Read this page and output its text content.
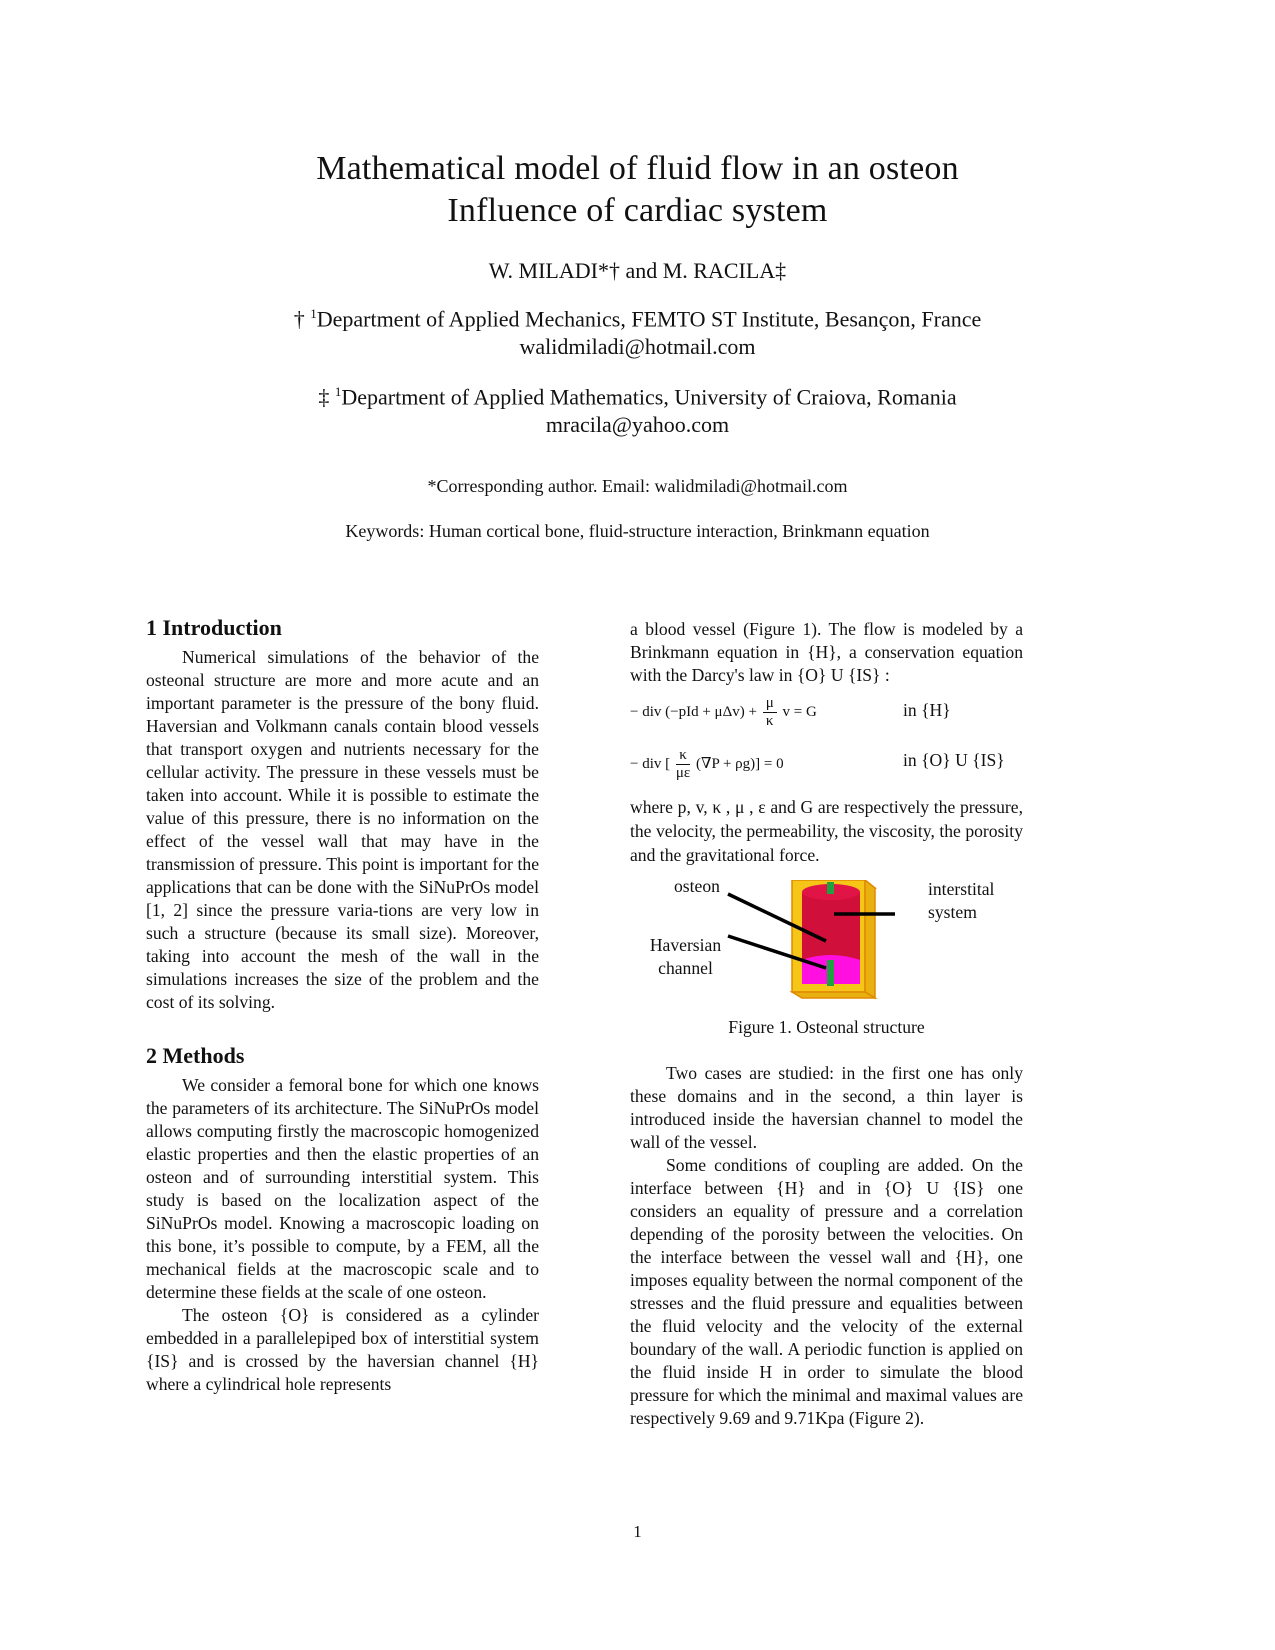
Mathematical model of fluid flow in an osteon
Influence of cardiac system
W. MILADI*† and M. RACILA‡
† $^1$Department of Applied Mechanics, FEMTO ST Institute, Besançon, France
walidmiladi@hotmail.com
‡ $^1$Department of Applied Mathematics, University of Craiova, Romania
mracila@yahoo.com
*Corresponding author. Email: walidmiladi@hotmail.com
Keywords: Human cortical bone, fluid-structure interaction, Brinkmann equation
1 Introduction

Numerical simulations of the behavior of the osteonal structure are more and more acute and an important parameter is the pressure of the bony fluid. Haversian and Volkmann canals contain blood vessels that transport oxygen and nutrients necessary for the cellular activity. The pressure in these vessels must be taken into account. While it is possible to estimate the value of this pressure, there is no information on the effect of the vessel wall that may have in the transmission of pressure. This point is important for the applications that can be done with the SiNuPrOs model [1, 2] since the pressure varia-tions are very low in such a structure (because its small size). Moreover, taking into account the mesh of the wall in the simulations increases the size of the problem and the cost of its solving.

2 Methods

We consider a femoral bone for which one knows the parameters of its architecture. The SiNuPrOs model allows computing firstly the macroscopic homogenized elastic properties and then the elastic properties of an osteon and of surrounding interstitial system. This study is based on the localization aspect of the SiNuPrOs model. Knowing a macroscopic loading on this bone, it’s possible to compute, by a FEM, all the mechanical fields at the macroscopic scale and to determine these fields at the scale of one osteon.

The osteon {O} is considered as a cylinder embedded in a parallelepiped box of interstitial system {IS} and is crossed by the haversian channel {H} where a cylindrical hole represents

a blood vessel (Figure 1). The flow is modeled by a Brinkmann equation in {H}, a conservation equation with the Darcy's law in {O} U {IS} :

− div $(-pId + \mu\Delta v) + \frac{\mu}{\kappa}$ v = G	in {H}
− div [ $\frac{\kappa}{\mu\varepsilon} (\nabla P + \rho g)] = 0$	in {O} U {IS}

where p, v, κ , μ , ε and G are respectively the pressure, the velocity, the permeability, the viscosity, the porosity and the gravitational force.

osteon
Haversian
channel
interstital
system
Figure 1. Osteonal structure

Two cases are studied: in the first one has only these domains and in the second, a thin layer is introduced inside the haversian channel to model the wall of the vessel.

Some conditions of coupling are added. On the interface between {H} and in {O} U {IS} one considers an equality of pressure and a correlation depending of the porosity between the velocities. On the interface between the vessel wall and {H}, one imposes equality between the normal component of the stresses and the fluid pressure and equalities between the fluid velocity and the velocity of the external boundary of the wall. A periodic function is applied on the fluid inside H in order to simulate the blood pressure for which the minimal and maximal values are respectively 9.69 and 9.71Kpa (Figure 2).

1
